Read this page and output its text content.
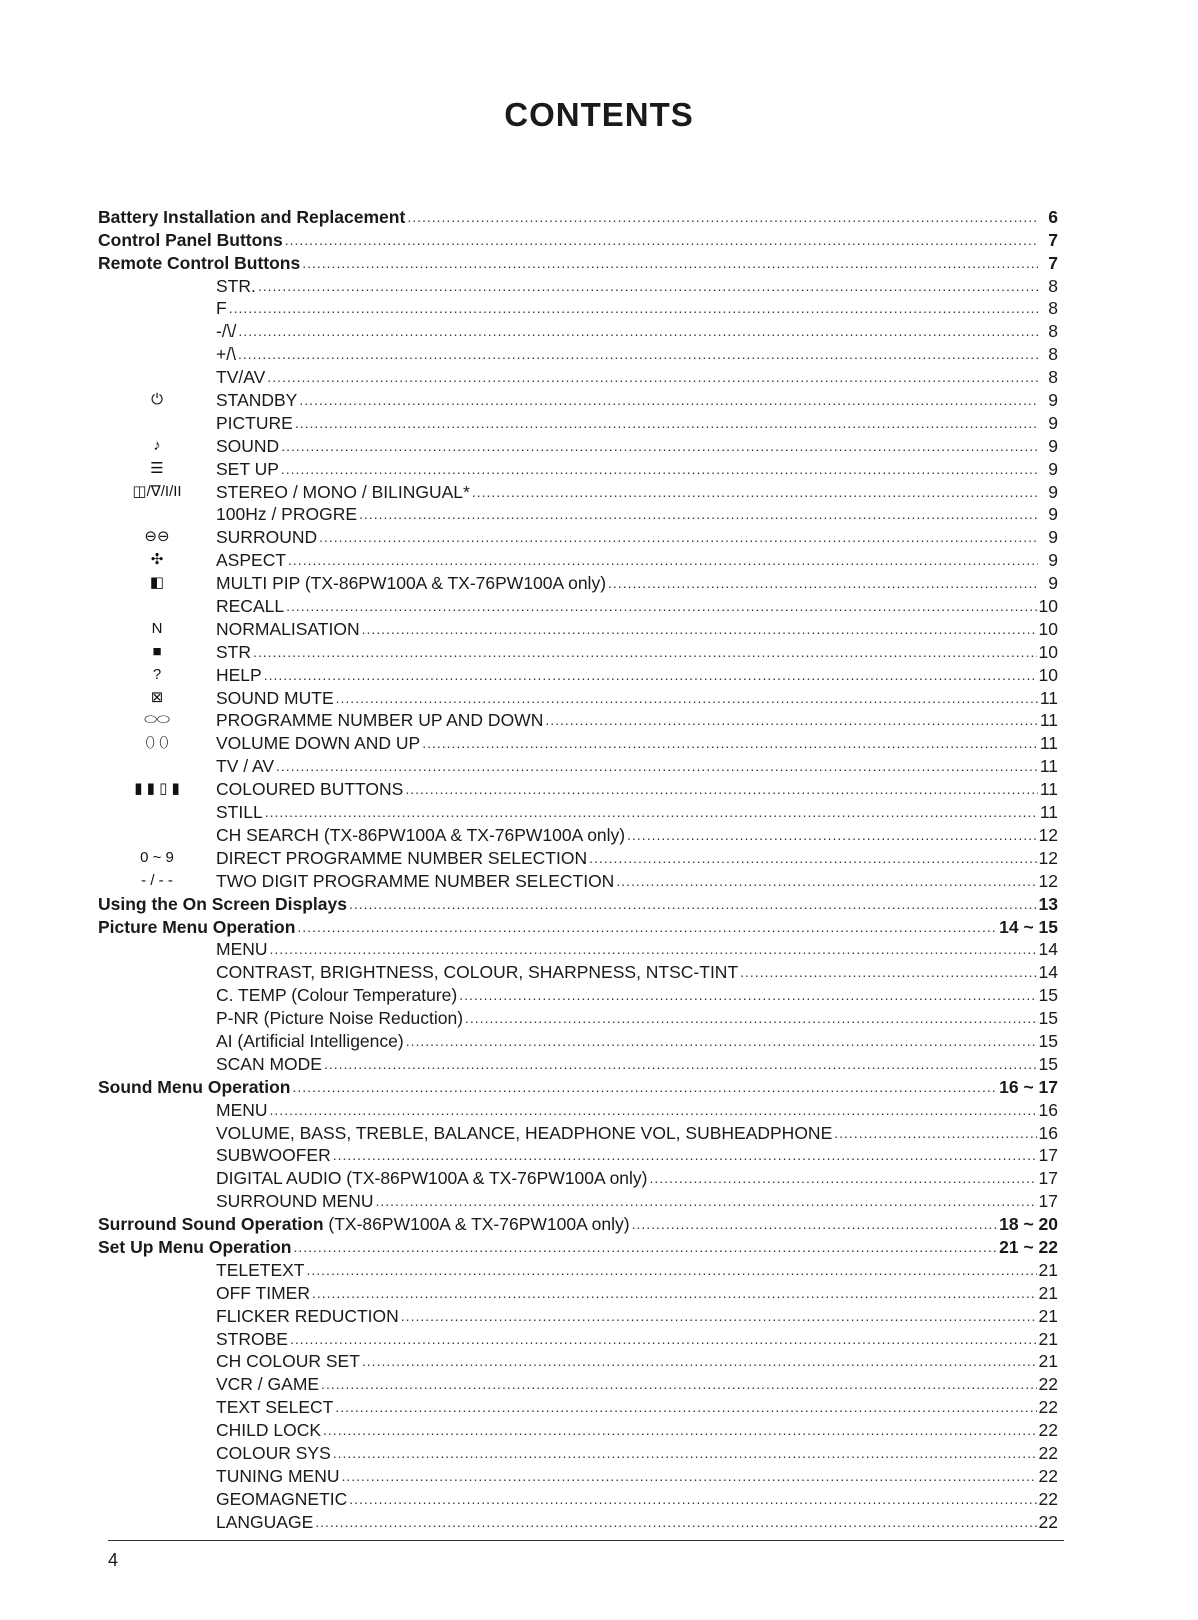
CONTENTS
Battery Installation and Replacement .....	6
Control Panel Buttons .....	7
Remote Control Buttons .....	7
STR. .....	8
F .....	8
-/\/ .....	8
+/\ .....	8
TV/AV .....	8
⏻	STANDBY .....	9
PICTURE .....	9
♪	SOUND .....	9
☰	SET UP .....	9
◫/∇/I/II	STEREO / MONO / BILINGUAL* .....	9
100Hz / PROGRE .....	9
⊖⊖	SURROUND .....	9
✣	ASPECT .....	9
◧	MULTI PIP (TX-86PW100A & TX-76PW100A only) .....	9
RECALL .....	10
N	NORMALISATION .....	10
■	STR .....	10
?	HELP .....	10
⊠	SOUND MUTE .....	11
⬭⬭	PROGRAMME NUMBER UP AND DOWN .....	11
⬯ ⬯	VOLUME DOWN AND UP .....	11
TV / AV .....	11
▮ ▮ ▯ ▮	COLOURED BUTTONS .....	11
STILL .....	11
CH SEARCH (TX-86PW100A & TX-76PW100A only) .....	12
0 ~ 9	DIRECT PROGRAMME NUMBER SELECTION .....	12
- / - -	TWO DIGIT PROGRAMME NUMBER SELECTION .....	12
Using the On Screen Displays .....	13
Picture Menu Operation .....	14 ~ 15
MENU .....	14
CONTRAST, BRIGHTNESS, COLOUR, SHARPNESS, NTSC-TINT .....	14
C. TEMP (Colour Temperature) .....	15
P-NR (Picture Noise Reduction) .....	15
AI (Artificial Intelligence) .....	15
SCAN MODE .....	15
Sound Menu Operation .....	16 ~ 17
MENU .....	16
VOLUME, BASS, TREBLE, BALANCE, HEADPHONE VOL, SUBHEADPHONE .....	16
SUBWOOFER .....	17
DIGITAL AUDIO (TX-86PW100A & TX-76PW100A only) .....	17
SURROUND MENU .....	17
Surround Sound Operation (TX-86PW100A & TX-76PW100A only) .....	18 ~ 20
Set Up Menu Operation .....	21 ~ 22
TELETEXT .....	21
OFF TIMER .....	21
FLICKER REDUCTION .....	21
STROBE .....	21
CH COLOUR SET .....	21
VCR / GAME .....	22
TEXT SELECT .....	22
CHILD LOCK .....	22
COLOUR SYS .....	22
TUNING MENU .....	22
GEOMAGNETIC .....	22
LANGUAGE .....	22
4
